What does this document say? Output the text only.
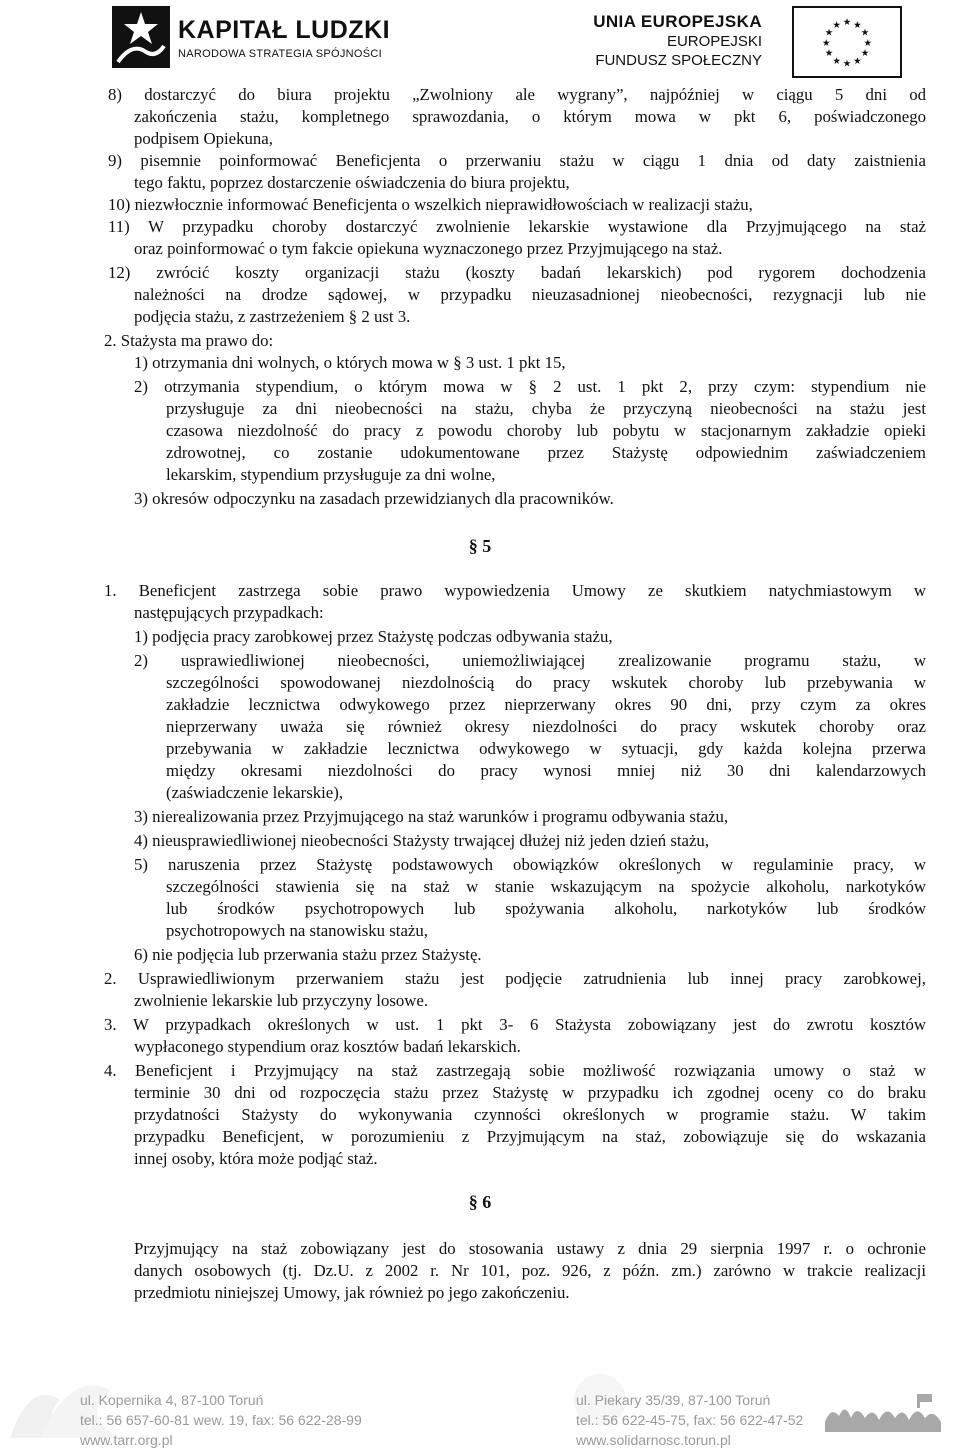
KAPITAŁ LUDZKI
NARODOWA STRATEGIA SPÓJNOŚCI
UNIA EUROPEJSKA
EUROPEJSKI
FUNDUSZ SPOŁECZNY
★ ★
★
★
★
★
★
★
★
★
★
★
8) dostarczyć do biura projektu „Zwolniony ale wygrany”, najpóźniej w ciągu 5 dni od
zakończenia stażu, kompletnego sprawozdania, o którym mowa w pkt 6, poświadczonego
podpisem Opiekuna,
9) pisemnie poinformować Beneficjenta o przerwaniu stażu w ciągu 1 dnia od daty zaistnienia
tego faktu, poprzez dostarczenie oświadczenia do biura projektu,
10) niezwłocznie informować Beneficjenta o wszelkich nieprawidłowościach w realizacji stażu,
11) W przypadku choroby dostarczyć zwolnienie lekarskie wystawione dla Przyjmującego na staż
oraz poinformować o tym fakcie opiekuna wyznaczonego przez Przyjmującego na staż.
12) zwrócić koszty organizacji stażu (koszty badań lekarskich) pod rygorem dochodzenia
należności na drodze sądowej, w przypadku nieuzasadnionej nieobecności, rezygnacji lub nie
podjęcia stażu, z zastrzeżeniem § 2 ust 3.
2. Stażysta ma prawo do:
1) otrzymania dni wolnych, o których mowa w § 3 ust. 1 pkt 15,
2) otrzymania stypendium, o którym mowa w § 2 ust. 1 pkt 2, przy czym: stypendium nie
przysługuje za dni nieobecności na stażu, chyba że przyczyną nieobecności na stażu jest
czasowa niezdolność do pracy z powodu choroby lub pobytu w stacjonarnym zakładzie opieki
zdrowotnej, co zostanie udokumentowane przez Stażystę odpowiednim zaświadczeniem
lekarskim, stypendium przysługuje za dni wolne,
3) okresów odpoczynku na zasadach przewidzianych dla pracowników.
§ 5
1. Beneficjent zastrzega sobie prawo wypowiedzenia Umowy ze skutkiem natychmiastowym w
następujących przypadkach:
1) podjęcia pracy zarobkowej przez Stażystę podczas odbywania stażu,
2) usprawiedliwionej nieobecności, uniemożliwiającej zrealizowanie programu stażu, w
szczególności spowodowanej niezdolnością do pracy wskutek choroby lub przebywania w
zakładzie lecznictwa odwykowego przez nieprzerwany okres 90 dni, przy czym za okres
nieprzerwany uważa się również okresy niezdolności do pracy wskutek choroby oraz
przebywania w zakładzie lecznictwa odwykowego w sytuacji, gdy każda kolejna przerwa
między okresami niezdolności do pracy wynosi mniej niż 30 dni kalendarzowych
(zaświadczenie lekarskie),
3) nierealizowania przez Przyjmującego na staż warunków i programu odbywania stażu,
4) nieusprawiedliwionej nieobecności Stażysty trwającej dłużej niż jeden dzień stażu,
5) naruszenia przez Stażystę podstawowych obowiązków określonych w regulaminie pracy, w
szczególności stawienia się na staż w stanie wskazującym na spożycie alkoholu, narkotyków
lub środków psychotropowych lub spożywania alkoholu, narkotyków lub środków
psychotropowych na stanowisku stażu,
6) nie podjęcia lub przerwania stażu przez Stażystę.
2. Usprawiedliwionym przerwaniem stażu jest podjęcie zatrudnienia lub innej pracy zarobkowej,
zwolnienie lekarskie lub przyczyny losowe.
3. W przypadkach określonych w ust. 1 pkt 3- 6 Stażysta zobowiązany jest do zwrotu kosztów
wypłaconego stypendium oraz kosztów badań lekarskich.
4. Beneficjent i Przyjmujący na staż zastrzegają sobie możliwość rozwiązania umowy o staż w
terminie 30 dni od rozpoczęcia stażu przez Stażystę w przypadku ich zgodnej oceny co do braku
przydatności Stażysty do wykonywania czynności określonych w programie stażu. W takim
przypadku Beneficjent, w porozumieniu z Przyjmującym na staż, zobowiązuje się do wskazania
innej osoby, która może podjąć staż.
§ 6
Przyjmujący na staż zobowiązany jest do stosowania ustawy z dnia 29 sierpnia 1997 r. o ochronie
danych osobowych (tj. Dz.U. z 2002 r. Nr 101, poz. 926, z późn. zm.) zarówno w trakcie realizacji
przedmiotu niniejszej Umowy, jak również po jego zakończeniu.
ul. Kopernika 4, 87-100 Toruń
tel.: 56 657-60-81 wew. 19, fax: 56 622-28-99
www.tarr.org.pl
ul. Piekary 35/39, 87-100 Toruń
tel.: 56 622-45-75, fax: 56 622-47-52
www.solidarnosc.torun.pl
